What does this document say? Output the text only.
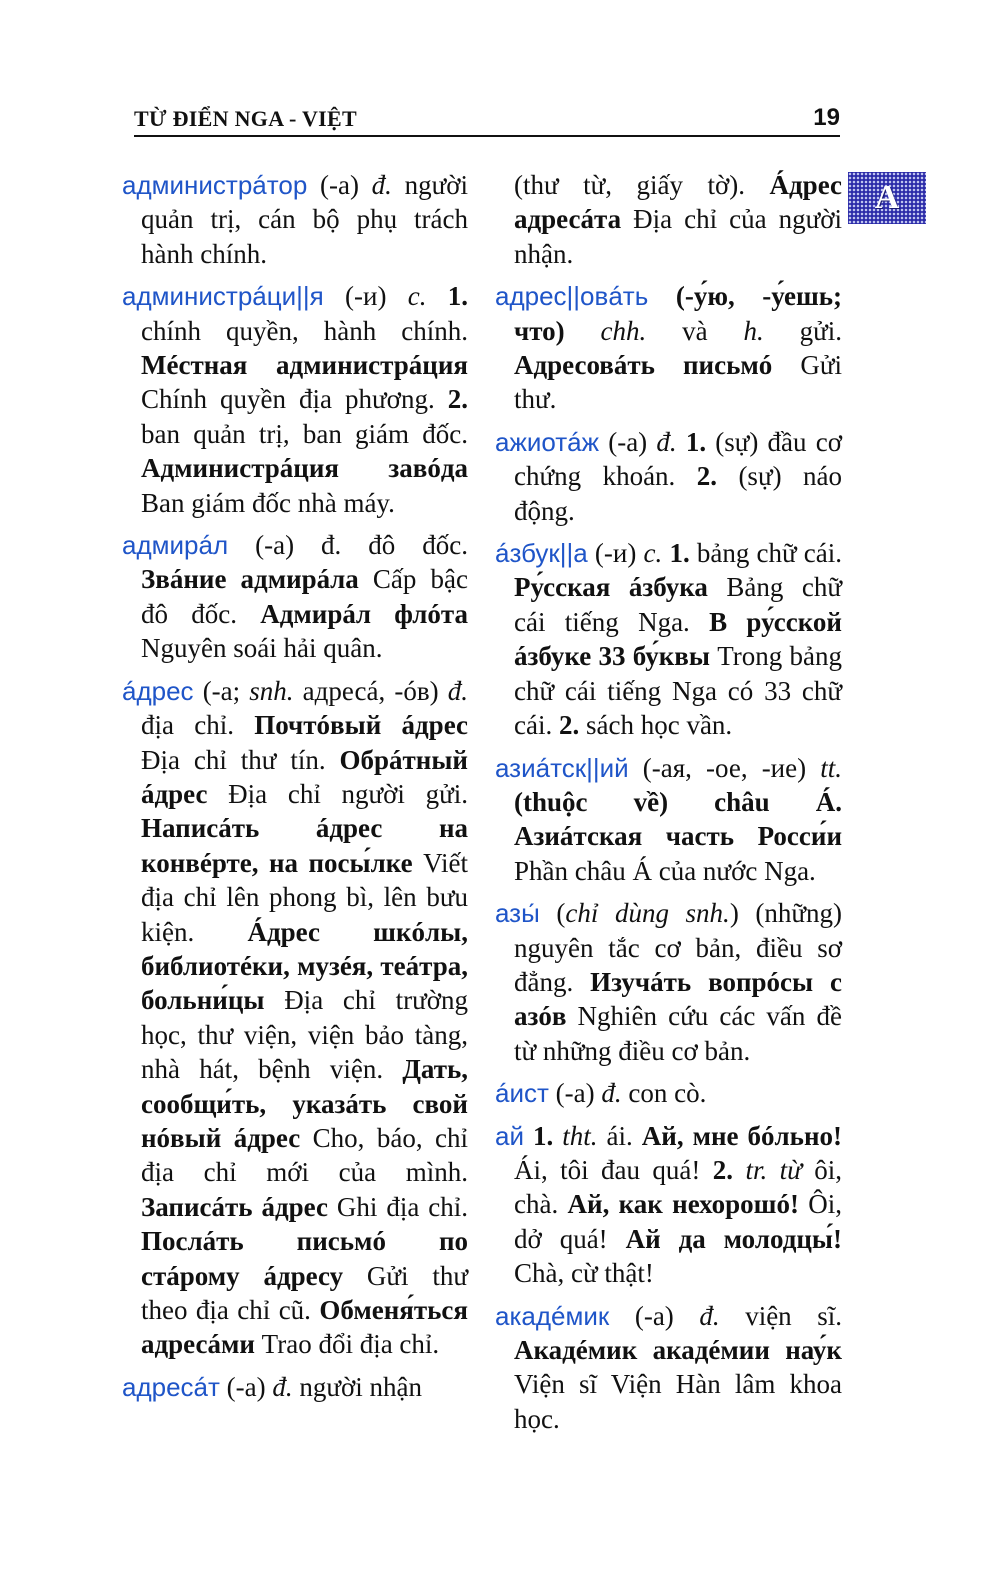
TỪ ĐIỂN NGA - VIỆT	19
A

администрáтор (-а) đ. người quản trị, cán bộ phụ trách hành chính.

администрáци||я (-и) c. 1. chính quyền, hành chính. Мéстная администрáция Chính quyền địa phương. 2. ban quản trị, ban giám đốc. Администрáция завóда Ban giám đốc nhà máy.

адмирáл (-а) đ. đô đốc. Звáние адмирáла Cấp bậc đô đốc. Адмирáл флóта Nguyên soái hải quân.

áдрес (-а; snh. адресá, -óв) đ. địa chỉ. Почтóвый áдрес Địa chỉ thư tín. Обрáтный áдрес Địa chỉ người gửi. Написáть áдрес на конвéрте, на посы́лке Viết địa chỉ lên phong bì, lên bưu kiện. Áдрес шкóлы, библиотéки, музéя, теáтра, больни́цы Địa chỉ trường học, thư viện, viện bảo tàng, nhà hát, bệnh viện. Дать, сообщи́ть, указáть свой нóвый áдрес Cho, báo, chỉ địa chỉ mới của mình. Записáть áдрес Ghi địa chỉ. Послáть письмó по стáрому áдресу Gửi thư theo địa chỉ cũ. Обменя́ться адресáми Trao đổi địa chỉ.

адресáт (-а) đ. người nhận

(thư từ, giấy tờ). Áдрес адресáта Địa chỉ của người nhận.

адрес||овáть (-у́ю, -у́ешь; что) chh. và h. gửi. Адресовáть письмó Gửi thư.

ажиотáж (-а) đ. 1. (sự) đầu cơ chứng khoán. 2. (sự) náo động.

áзбук||а (-и) c. 1. bảng chữ cái. Ру́сская áзбука Bảng chữ cái tiếng Nga. В ру́сской áзбуке 33 бу́квы Trong bảng chữ cái tiếng Nga có 33 chữ cái. 2. sách học vần.

азиáтск||ий (-ая, -ое, -ие) tt. (thuộc về) châu Á. Азиáтская часть Росси́и Phần châu Á của nước Nga.

азы́ (chỉ dùng snh.) (những) nguyên tắc cơ bản, điều sơ đẳng. Изучáть вопрóсы с азóв Nghiên cứu các vấn đề từ những điều cơ bản.

áист (-а) đ. con cò.

ай 1. tht. ái. Ай, мне бóльно! Ái, tôi đau quá! 2. tr. từ ôi, chà. Ай, как нехорошó! Ôi, dở quá! Ай да молодцы́! Chà, cừ thật!

акадéмик (-а) đ. viện sĩ. Акадéмик акадéмии нау́к Viện sĩ Viện Hàn lâm khoa học.
